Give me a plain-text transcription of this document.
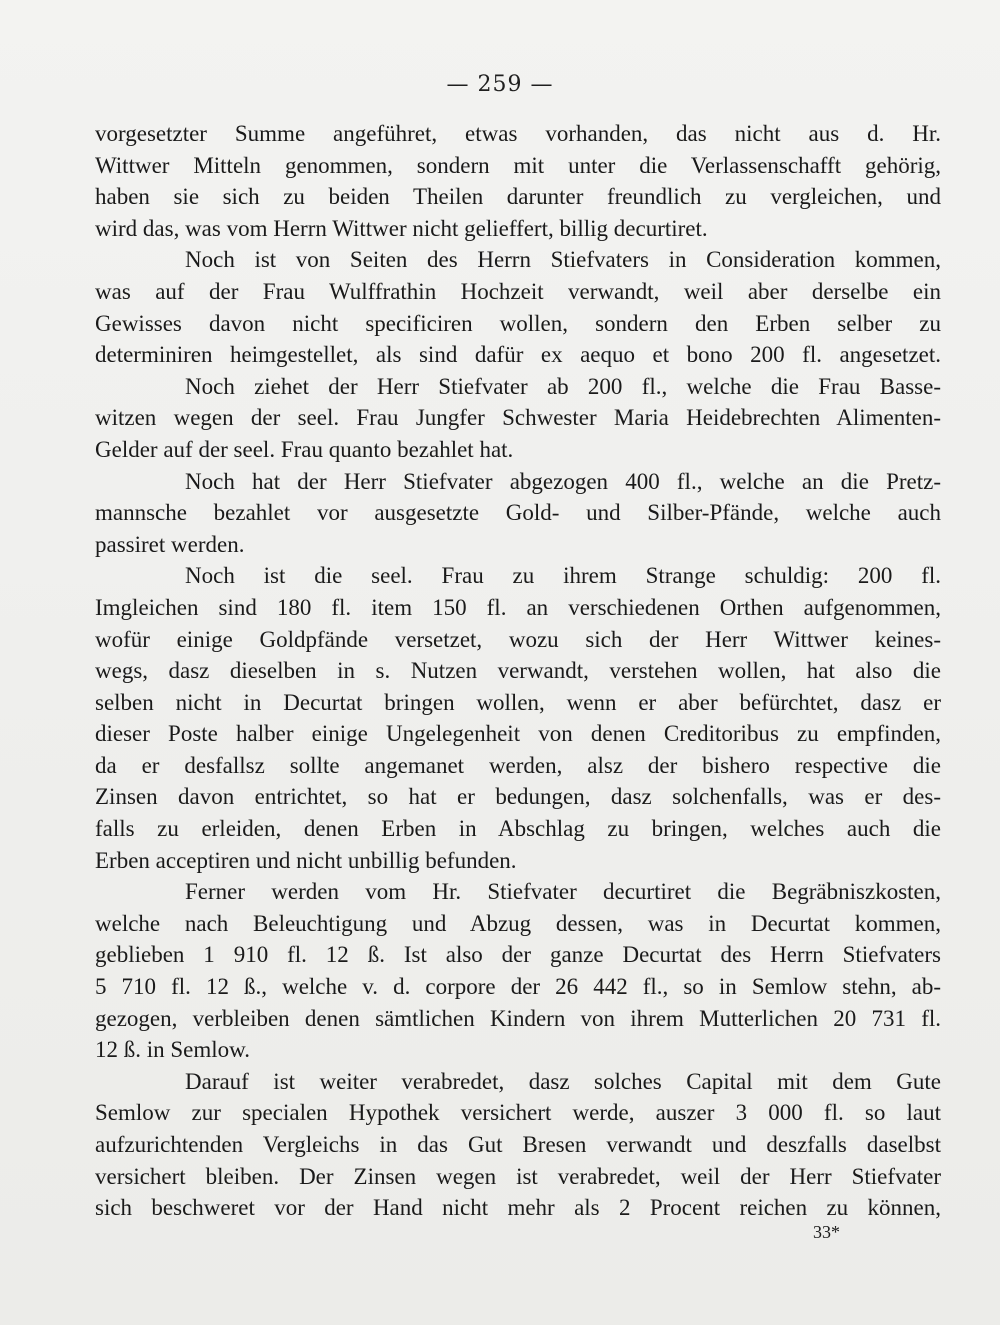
— 259 —

vorgesetzter Summe angeführet, etwas vorhanden, das nicht aus d. Hr.
Wittwer Mitteln genommen, sondern mit unter die Verlassenschafft gehörig,
haben sie sich zu beiden Theilen darunter freundlich zu vergleichen, und
wird das, was vom Herrn Wittwer nicht gelieffert, billig decurtiret.

Noch ist von Seiten des Herrn Stiefvaters in Consideration kommen,
was auf der Frau Wulffrathin Hochzeit verwandt, weil aber derselbe ein
Gewisses davon nicht specificiren wollen, sondern den Erben selber zu
determiniren heimgestellet, als sind dafür ex aequo et bono 200 fl. angesetzet.

Noch ziehet der Herr Stiefvater ab 200 fl., welche die Frau Basse-
witzen wegen der seel. Frau Jungfer Schwester Maria Heidebrechten Alimenten-
Gelder auf der seel. Frau quanto bezahlet hat.

Noch hat der Herr Stiefvater abgezogen 400 fl., welche an die Pretz-
mannsche bezahlet vor ausgesetzte Gold- und Silber-Pfände, welche auch
passiret werden.

Noch ist die seel. Frau zu ihrem Strange schuldig: 200 fl.
Imgleichen sind 180 fl. item 150 fl. an verschiedenen Orthen aufgenommen,
wofür einige Goldpfände versetzet, wozu sich der Herr Wittwer keines-
wegs, dasz dieselben in s. Nutzen verwandt, verstehen wollen, hat also die
selben nicht in Decurtat bringen wollen, wenn er aber befürchtet, dasz er
dieser Poste halber einige Ungelegenheit von denen Creditoribus zu empfinden,
da er desfallsz sollte angemanet werden, alsz der bishero respective die
Zinsen davon entrichtet, so hat er bedungen, dasz solchenfalls, was er des-
falls zu erleiden, denen Erben in Abschlag zu bringen, welches auch die
Erben acceptiren und nicht unbillig befunden.

Ferner werden vom Hr. Stiefvater decurtiret die Begräbniszkosten,
welche nach Beleuchtigung und Abzug dessen, was in Decurtat kommen,
geblieben 1 910 fl. 12 ß. Ist also der ganze Decurtat des Herrn Stiefvaters
5 710 fl. 12 ß., welche v. d. corpore der 26 442 fl., so in Semlow stehn, ab-
gezogen, verbleiben denen sämtlichen Kindern von ihrem Mutterlichen 20 731 fl.
12 ß. in Semlow.

Darauf ist weiter verabredet, dasz solches Capital mit dem Gute
Semlow zur specialen Hypothek versichert werde, auszer 3 000 fl. so laut
aufzurichtenden Vergleichs in das Gut Bresen verwandt und deszfalls daselbst
versichert bleiben. Der Zinsen wegen ist verabredet, weil der Herr Stiefvater
sich beschweret vor der Hand nicht mehr als 2 Procent reichen zu können,

33*
